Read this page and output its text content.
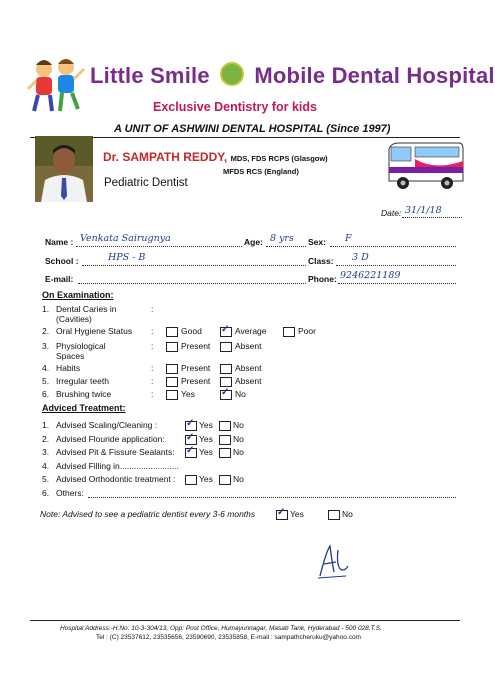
Little Smile Mobile Dental Hospital
Exclusive Dentistry for kids
A UNIT OF ASHWINI DENTAL HOSPITAL (Since 1997)
Dr. SAMPATH REDDY, MDS, FDS RCPS (Glasgow)
MFDS RCS (England)
Pediatric Dentist
Date: 31/1/18
Name : Venkata Sairugnya	Age: 8 yrs Sex: F
School :	HPS - B	Class: 3 D
E-mail:	Phone: 9246221189
On Examination:
1. Dental Caries in
(Cavities)
:
2. Oral Hygiene Status :	Good ✓ Average	Poor
3. Physiological
Spaces
:	Present	Absent
4. Habits	:	Present	Absent
5. Irregular teeth	:	Present	Absent
6. Brushing twice	:	Yes	✓ No
Adviced Treatment:
1. Advised Scaling/Cleaning :	✓ Yes No
2. Advised Flouride application: ✓ Yes No
3. Advised Pit & Fissure Sealants: ✓ Yes No
4. Advised Filling in.........................
5. Advised Orthodontic treatment :	Yes No
6. Others:
Note: Advised to see a pediatric dentist every 3-6 months ✓ Yes	No
Hospital Address:-H.No. 10-3-304/13, Opp: Post Office, Humayunnagar, Masab Tank, Hyderabad - 500 028.T.S.
Tel : (C) 23537612, 23535656, 23590690, 23535858, E-mail : sampathcheruku@yahoo.com
